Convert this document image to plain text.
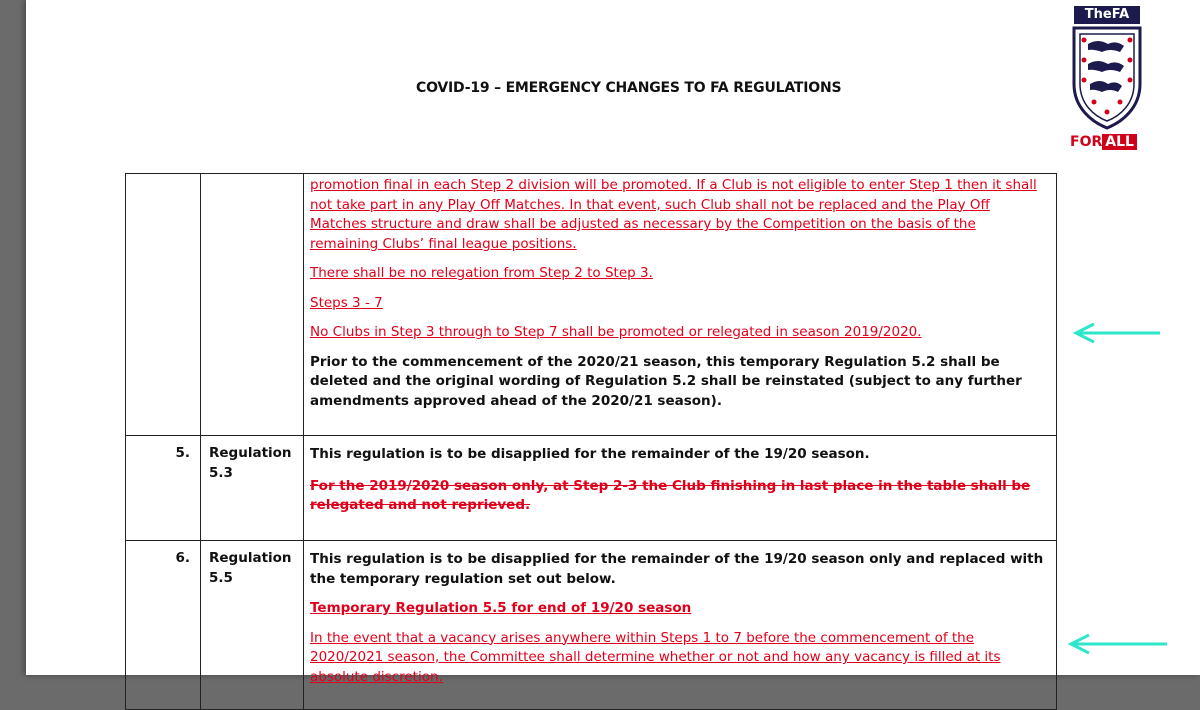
TheFA
FOR ALL
COVID-19 – EMERGENCY CHANGES TO FA REGULATIONS

		promotion final in each Step 2 division will be promoted. If a Club is not eligible to enter Step 1 then it shall not take part in any Play Off Matches. In that event, such Club shall not be replaced and the Play Off Matches structure and draw shall be adjusted as necessary by the Competition on the basis of the remaining Clubs’ final league positions.

There shall be no relegation from Step 2 to Step 3.

Steps 3 - 7

No Clubs in Step 3 through to Step 7 shall be promoted or relegated in season 2019/2020.

Prior to the commencement of the 2020/21 season, this temporary Regulation 5.2 shall be deleted and the original wording of Regulation 5.2 shall be reinstated (subject to any further amendments approved ahead of the 2020/21 season).

5.	Regulation 5.3	This regulation is to be disapplied for the remainder of the 19/20 season.

For the 2019/2020 season only, at Step 2-3 the Club finishing in last place in the table shall be relegated and not reprieved.

6.	Regulation 5.5	This regulation is to be disapplied for the remainder of the 19/20 season only and replaced with the temporary regulation set out below.

Temporary Regulation 5.5 for end of 19/20 season

In the event that a vacancy arises anywhere within Steps 1 to 7 before the commencement of the 2020/2021 season, the Committee shall determine whether or not and how any vacancy is filled at its absolute discretion.
